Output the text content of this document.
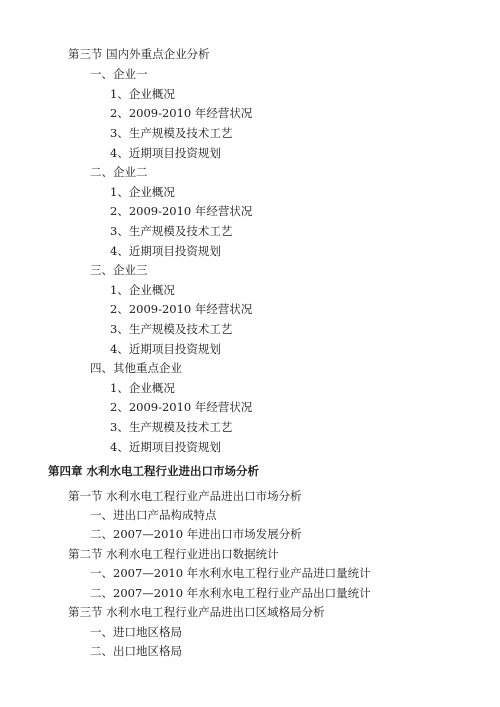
第三节 国内外重点企业分析
一、企业一
1、企业概况
2、2009-2010 年经营状况
3、生产规模及技术工艺
4、近期项目投资规划
二、企业二
1、企业概况
2、2009-2010 年经营状况
3、生产规模及技术工艺
4、近期项目投资规划
三、企业三
1、企业概况
2、2009-2010 年经营状况
3、生产规模及技术工艺
4、近期项目投资规划
四、其他重点企业
1、企业概况
2、2009-2010 年经营状况
3、生产规模及技术工艺
4、近期项目投资规划
第四章 水利水电工程行业进出口市场分析
第一节 水利水电工程行业产品进出口市场分析
一、进出口产品构成特点
二、2007—2010 年进出口市场发展分析
第二节 水利水电工程行业进出口数据统计
一、2007—2010 年水利水电工程行业产品进口量统计
二、2007—2010 年水利水电工程行业产品出口量统计
第三节 水利水电工程行业产品进出口区域格局分析
一、进口地区格局
二、出口地区格局
